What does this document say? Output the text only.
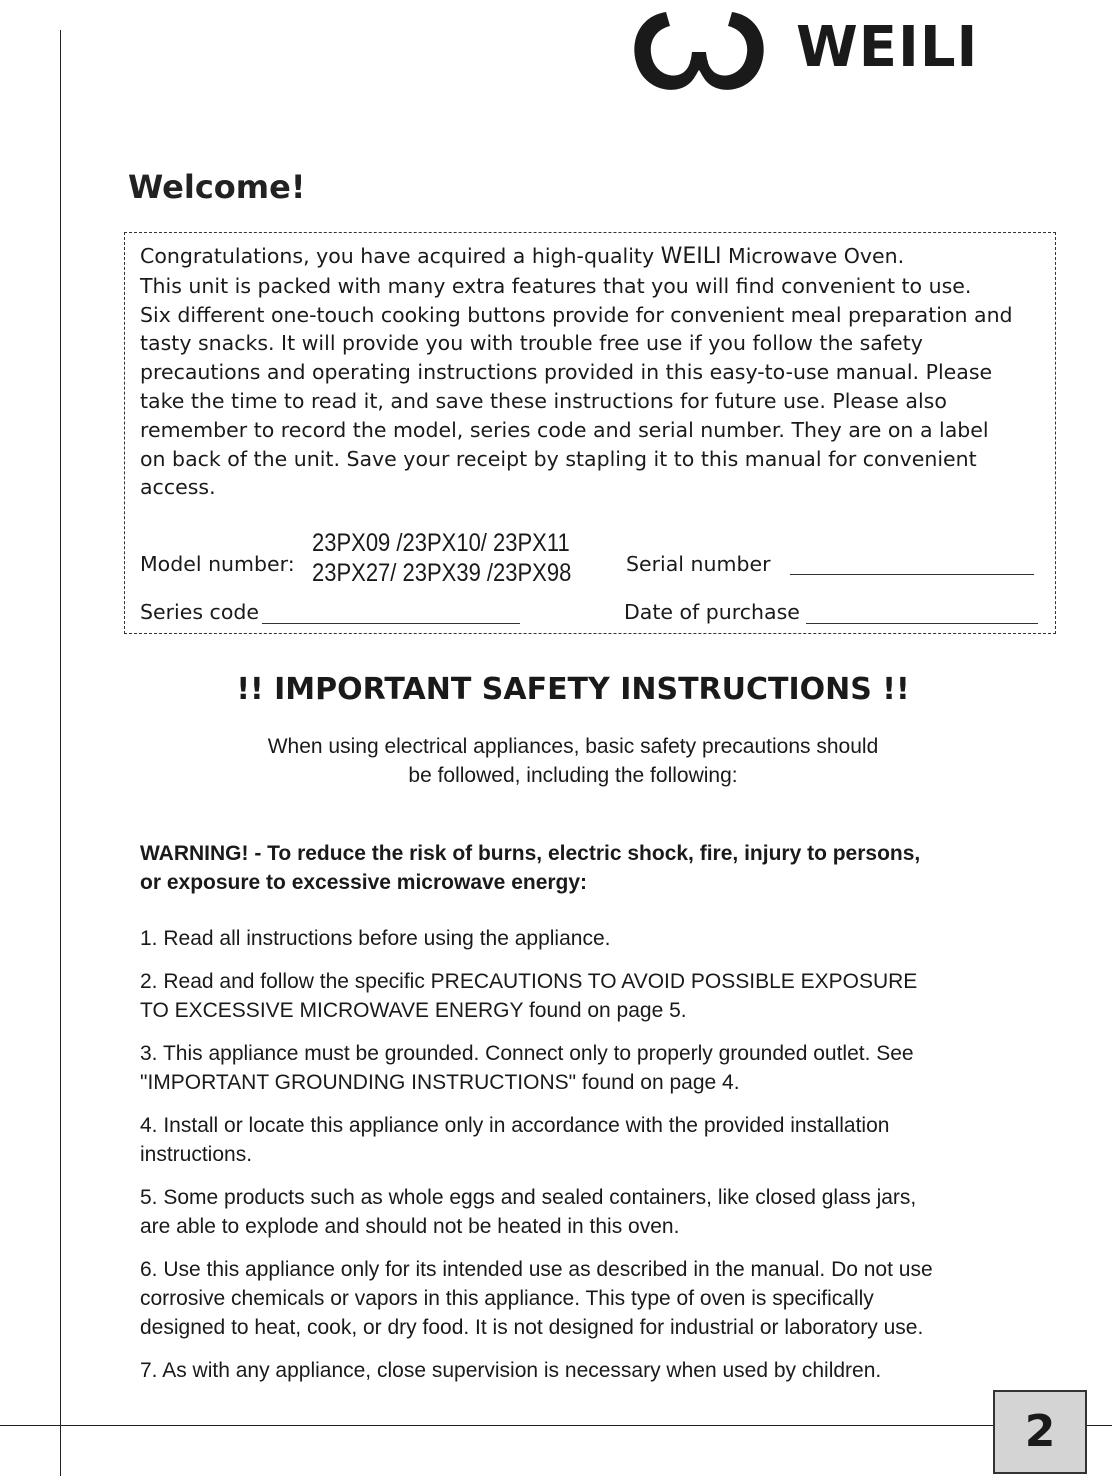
WEILI
Welcome!
Congratulations, you have acquired a high-quality WEILI Microwave Oven.
This unit is packed with many extra features that you will find convenient to use.
Six different one-touch cooking buttons provide for convenient meal preparation and
tasty snacks. It will provide you with trouble free use if you follow the safety
precautions and operating instructions provided in this easy-to-use manual. Please
take the time to read it, and save these instructions for future use. Please also
remember to record the model, series code and serial number. They are on a label
on back of the unit. Save your receipt by stapling it to this manual for convenient
access.
Model number:
23PX09 /23PX10/ 23PX11
23PX27/ 23PX39 /23PX98	Serial number
Series code	Date of purchase
!! IMPORTANT SAFETY INSTRUCTIONS !!
When using electrical appliances, basic safety precautions should
be followed, including the following:
WARNING! - To reduce the risk of burns, electric shock, fire, injury to persons,
or exposure to excessive microwave energy:
1. Read all instructions before using the appliance.
2. Read and follow the specific PRECAUTIONS TO AVOID POSSIBLE EXPOSURE
TO EXCESSIVE MICROWAVE ENERGY found on page 5.
3. This appliance must be grounded. Connect only to properly grounded outlet. See
"IMPORTANT GROUNDING INSTRUCTIONS" found on page 4.
4. Install or locate this appliance only in accordance with the provided installation
instructions.
5. Some products such as whole eggs and sealed containers, like closed glass jars,
are able to explode and should not be heated in this oven.
6. Use this appliance only for its intended use as described in the manual. Do not use
corrosive chemicals or vapors in this appliance. This type of oven is specifically
designed to heat, cook, or dry food. It is not designed for industrial or laboratory use.
7. As with any appliance, close supervision is necessary when used by children.
2
